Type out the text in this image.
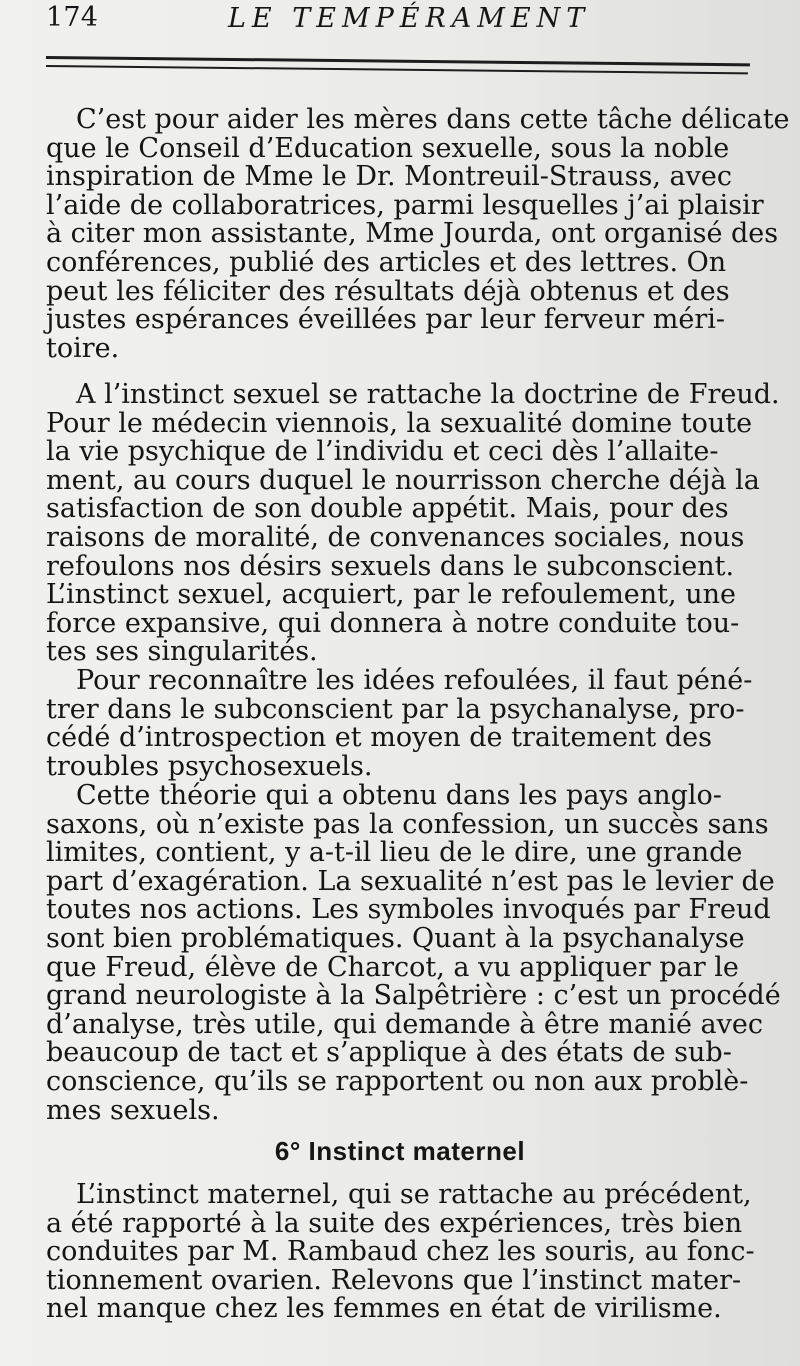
174	LE TEMPÉRAMENT
C’est pour aider les mères dans cette tâche délicate
que le Conseil d’Education sexuelle, sous la noble
inspiration de Mme le Dr. Montreuil-Strauss, avec
l’aide de collaboratrices, parmi lesquelles j’ai plaisir
à citer mon assistante, Mme Jourda, ont organisé des
conférences, publié des articles et des lettres. On
peut les féliciter des résultats déjà obtenus et des
justes espérances éveillées par leur ferveur méri-
toire.
A l’instinct sexuel se rattache la doctrine de Freud.
Pour le médecin viennois, la sexualité domine toute
la vie psychique de l’individu et ceci dès l’allaite-
ment, au cours duquel le nourrisson cherche déjà la
satisfaction de son double appétit. Mais, pour des
raisons de moralité, de convenances sociales, nous
refoulons nos désirs sexuels dans le subconscient.
L’instinct sexuel, acquiert, par le refoulement, une
force expansive, qui donnera à notre conduite tou-
tes ses singularités.
Pour reconnaître les idées refoulées, il faut péné-
trer dans le subconscient par la psychanalyse, pro-
cédé d’introspection et moyen de traitement des
troubles psychosexuels.
Cette théorie qui a obtenu dans les pays anglo-
saxons, où n’existe pas la confession, un succès sans
limites, contient, y a-t-il lieu de le dire, une grande
part d’exagération. La sexualité n’est pas le levier de
toutes nos actions. Les symboles invoqués par Freud
sont bien problématiques. Quant à la psychanalyse
que Freud, élève de Charcot, a vu appliquer par le
grand neurologiste à la Salpêtrière : c’est un procédé
d’analyse, très utile, qui demande à être manié avec
beaucoup de tact et s’applique à des états de sub-
conscience, qu’ils se rapportent ou non aux problè-
mes sexuels.
6° Instinct maternel
L’instinct maternel, qui se rattache au précédent,
a été rapporté à la suite des expériences, très bien
conduites par M. Rambaud chez les souris, au fonc-
tionnement ovarien. Relevons que l’instinct mater-
nel manque chez les femmes en état de virilisme.
